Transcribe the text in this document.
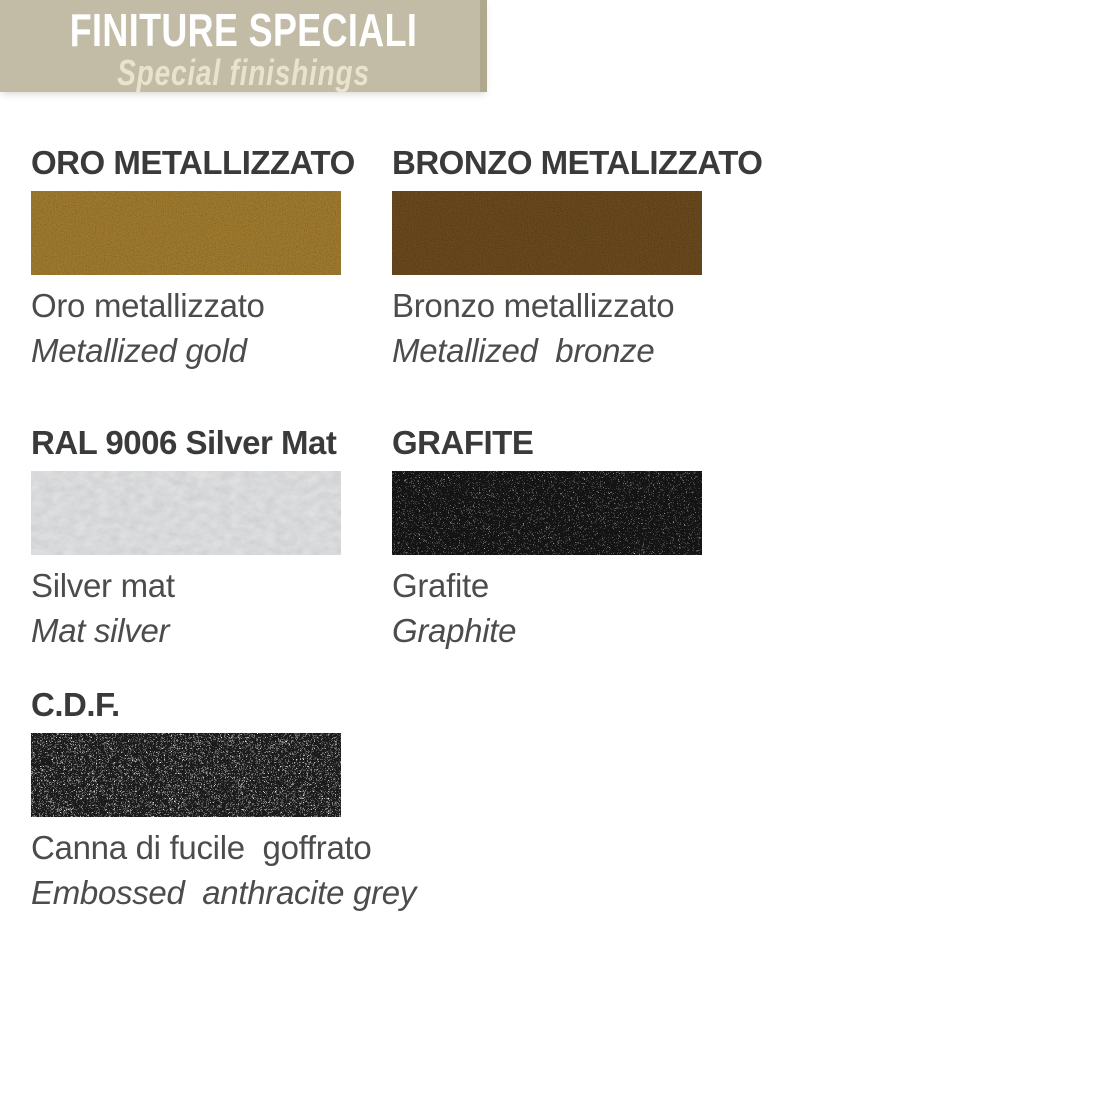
FINITURE SPECIALI
Special finishings
ORO METALLIZZATO
Oro metallizzato
Metallized gold
BRONZO METALIZZATO
Bronzo metallizzato
Metallized  bronze
RAL 9006 Silver Mat
Silver mat
Mat silver
GRAFITE
Grafite
Graphite
C.D.F.
Canna di fucile  goffrato
Embossed  anthracite grey
